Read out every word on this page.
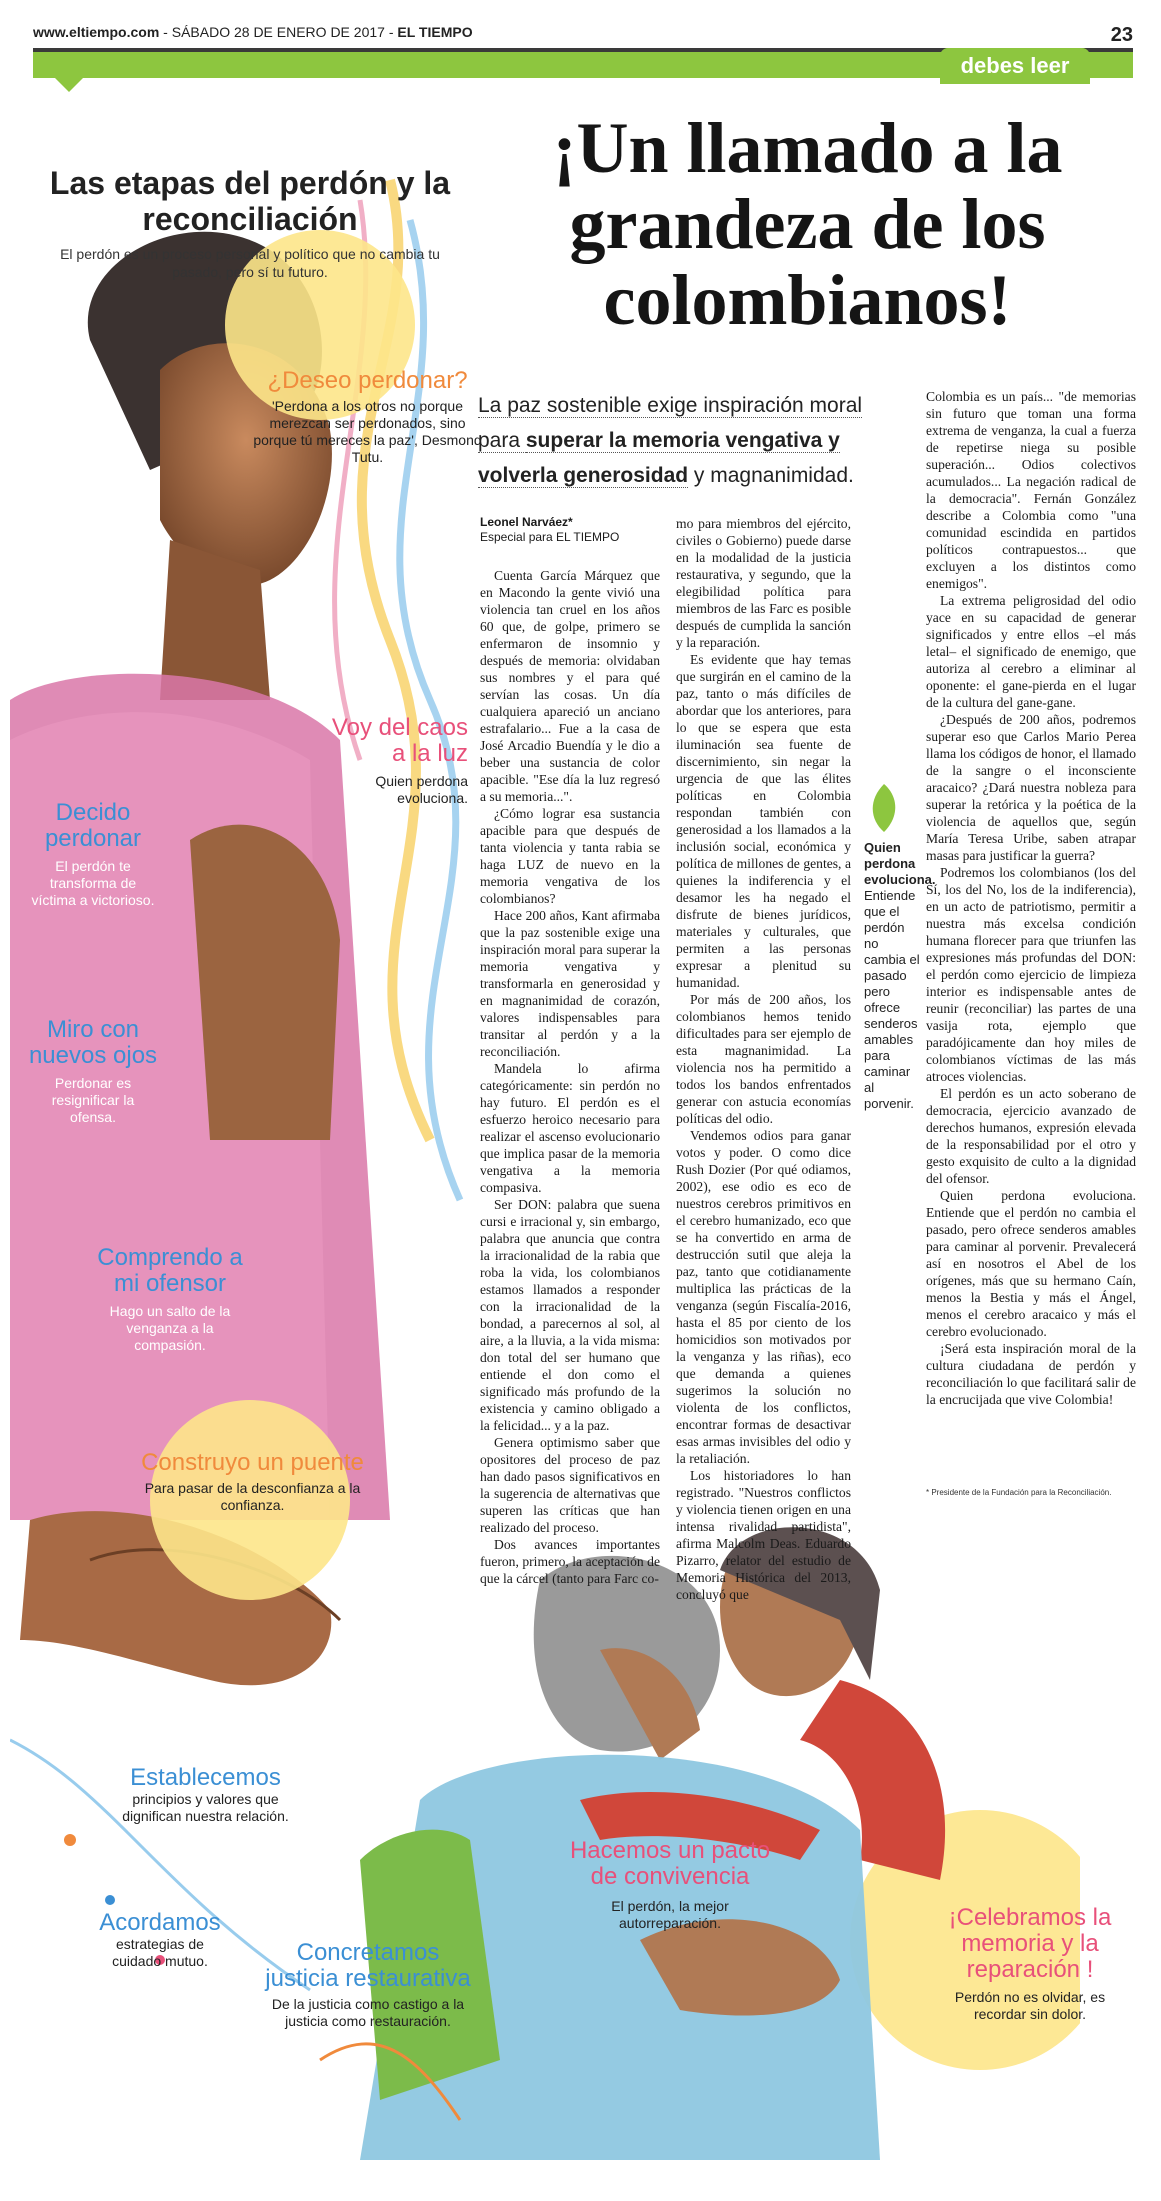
www.eltiempo.com - SÁBADO 28 DE ENERO DE 2017 - EL TIEMPO	23
debes leer
Las etapas del perdón y la reconciliación

El perdón es un proceso personal y político que no cambia tu pasado, pero sí tu futuro.

¿Deseo perdonar?
'Perdona a los otros no porque merezcan ser perdonados, sino porque tú mereces la paz', Desmond Tutu.
Voy del caos a la luz
Quien perdona evoluciona.
Decido perdonar
El perdón te transforma de víctima a victorioso.
Miro con nuevos ojos
Perdonar es resignificar la ofensa.
Comprendo a mi ofensor
Hago un salto de la venganza a la compasión.
Construyo un puente
Para pasar de la desconfianza a la confianza.
Establecemos
principios y valores que dignifican nuestra relación.
Acordamos
estrategias de cuidado mutuo.	Concretamos justicia restaurativa
De la justicia como castigo a la justicia como restauración.
Hacemos un pacto de convivencia
El perdón, la mejor autorreparación.	¡Celebramos la memoria y la reparación !
Perdón no es olvidar, es recordar sin dolor.
¡Un llamado a la grandeza de los colombianos!
La paz sostenible exige inspiración moral para superar la memoria vengativa y volverla generosidad y magnanimidad.
Leonel Narváez*
Especial para EL TIEMPO

Cuenta García Márquez que en Macondo la gente vivió una violencia tan cruel en los años 60 que, de golpe, primero se enfermaron de insomnio y después de memoria: olvidaban sus nombres y el para qué servían las cosas. Un día cualquiera apareció un anciano estrafalario... Fue a la casa de José Arcadio Buendía y le dio a beber una sustancia de color apacible. "Ese día la luz regresó a su memoria...".

¿Cómo lograr esa sustancia apacible para que después de tanta violencia y tanta rabia se haga LUZ de nuevo en la memoria vengativa de los colombianos?

Hace 200 años, Kant afirmaba que la paz sostenible exige una inspiración moral para superar la memoria vengativa y transformarla en generosidad y en magnanimidad de corazón, valores indispensables para transitar al perdón y a la reconciliación.

Mandela lo afirma categóricamente: sin perdón no hay futuro. El perdón es el esfuerzo heroico necesario para realizar el ascenso evolucionario que implica pasar de la memoria vengativa a la memoria compasiva.

Ser DON: palabra que suena cursi e irracional y, sin embargo, palabra que anuncia que contra la irracionalidad de la rabia que roba la vida, los colombianos estamos llamados a responder con la irracionalidad de la bondad, a parecernos al sol, al aire, a la lluvia, a la vida misma: don total del ser humano que entiende el don como el significado más profundo de la existencia y camino obligado a la felicidad... y a la paz.

Genera optimismo saber que opositores del proceso de paz han dado pasos significativos en la sugerencia de alternativas que superen las críticas que han realizado del proceso.

Dos avances importantes fueron, primero, la aceptación de que la cárcel (tanto para Farc co-

mo para miembros del ejército, civiles o Gobierno) puede darse en la modalidad de la justicia restaurativa, y segundo, que la elegibilidad política para miembros de las Farc es posible después de cumplida la sanción y la reparación.

Es evidente que hay temas que surgirán en el camino de la paz, tanto o más difíciles de abordar que los anteriores, para lo que se espera que esta iluminación sea fuente de discernimiento, sin negar la urgencia de que las élites políticas en Colombia respondan también con generosidad a los llamados a la inclusión social, económica y política de millones de gentes, a quienes la indiferencia y el desamor les ha negado el disfrute de bienes jurídicos, materiales y culturales, que permiten a las personas expresar a plenitud su humanidad.

Por más de 200 años, los colombianos hemos tenido dificultades para ser ejemplo de esta magnanimidad. La violencia nos ha permitido a todos los bandos enfrentados generar con astucia economías políticas del odio.

Vendemos odios para ganar votos y poder. O como dice Rush Dozier (Por qué odiamos, 2002), ese odio es eco de nuestros cerebros primitivos en el cerebro humanizado, eco que se ha convertido en arma de destrucción sutil que aleja la paz, tanto que cotidianamente multiplica las prácticas de la venganza (según Fiscalía-2016, hasta el 85 por ciento de los homicidios son motivados por la venganza y las riñas), eco que demanda a quienes sugerimos la solución no violenta de los conflictos, encontrar formas de desactivar esas armas invisibles del odio y la retaliación.

Los historiadores lo han registrado. "Nuestros conflictos y violencia tienen origen en una intensa rivalidad partidista", afirma Malcolm Deas. Eduardo Pizarro, relator del estudio de Memoria Histórica del 2013, concluyó que

Quien perdona evoluciona.
Entiende que el perdón no cambia el pasado pero ofrece senderos amables para caminar al porvenir.

Colombia es un país... "de memorias sin futuro que toman una forma extrema de venganza, la cual a fuerza de repetirse niega su posible superación... Odios colectivos acumulados... La negación radical de la democracia". Fernán González describe a Colombia como "una comunidad escindida en partidos políticos contrapuestos... que excluyen a los distintos como enemigos".

La extrema peligrosidad del odio yace en su capacidad de generar significados y entre ellos –el más letal– el significado de enemigo, que autoriza al cerebro a eliminar al oponente: el gane-pierda en el lugar de la cultura del gane-gane.

¿Después de 200 años, podremos superar eso que Carlos Mario Perea llama los códigos de honor, el llamado de la sangre o el inconsciente aracaico? ¿Dará nuestra nobleza para superar la retórica y la poética de la violencia de aquellos que, según María Teresa Uribe, saben atrapar masas para justificar la guerra?

Podremos los colombianos (los del Sí, los del No, los de la indiferencia), en un acto de patriotismo, permitir a nuestra más excelsa condición humana florecer para que triunfen las expresiones más profundas del DON: el perdón como ejercicio de limpieza interior es indispensable antes de reunir (reconciliar) las partes de una vasija rota, ejemplo que paradójicamente dan hoy miles de colombianos víctimas de las más atroces violencias.

El perdón es un acto soberano de democracia, ejercicio avanzado de derechos humanos, expresión elevada de la responsabilidad por el otro y gesto exquisito de culto a la dignidad del ofensor.

Quien perdona evoluciona. Entiende que el perdón no cambia el pasado, pero ofrece senderos amables para caminar al porvenir. Prevalecerá así en nosotros el Abel de los orígenes, más que su hermano Caín, menos la Bestia y más el Ángel, menos el cerebro aracaico y más el cerebro evolucionado.

¡Será esta inspiración moral de la cultura ciudadana de perdón y reconciliación lo que facilitará salir de la encrucijada que vive Colombia!

* Presidente de la Fundación para la Reconciliación.
